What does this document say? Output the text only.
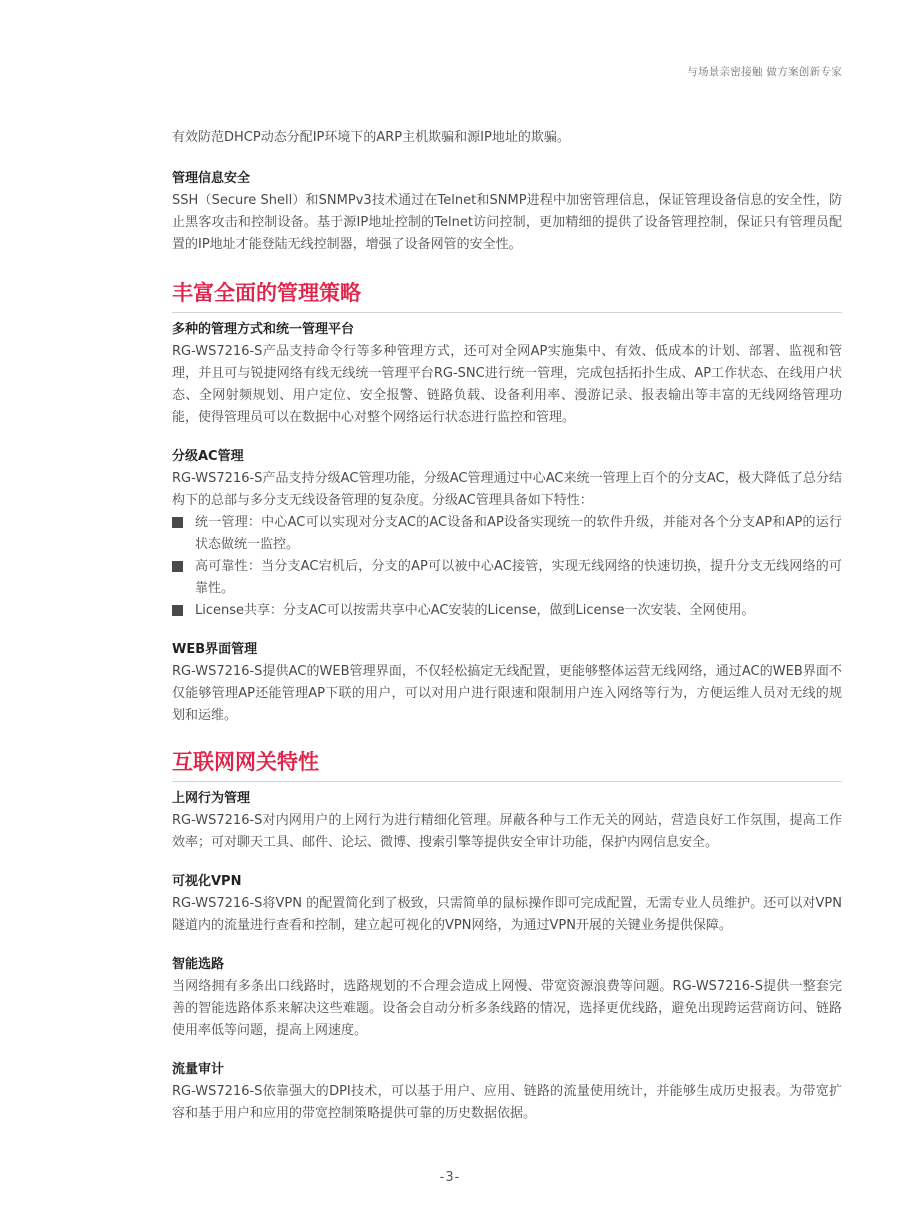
与场景亲密接触 做方案创新专家

有效防范DHCP动态分配IP环境下的ARP主机欺骗和源IP地址的欺骗。

管理信息安全

SSH（Secure Shell）和SNMPv3技术通过在Telnet和SNMP进程中加密管理信息，保证管理设备信息的安全性，防止黑客攻击和控制设备。基于源IP地址控制的Telnet访问控制，更加精细的提供了设备管理控制，保证只有管理员配置的IP地址才能登陆无线控制器，增强了设备网管的安全性。

丰富全面的管理策略

多种的管理方式和统一管理平台

RG-WS7216-S产品支持命令行等多种管理方式，还可对全网AP实施集中、有效、低成本的计划、部署、监视和管理，并且可与锐捷网络有线无线统一管理平台RG-SNC进行统一管理，完成包括拓扑生成、AP工作状态、在线用户状态、全网射频规划、用户定位、安全报警、链路负载、设备利用率、漫游记录、报表输出等丰富的无线网络管理功能，使得管理员可以在数据中心对整个网络运行状态进行监控和管理。

分级AC管理

RG-WS7216-S产品支持分级AC管理功能，分级AC管理通过中心AC来统一管理上百个的分支AC，极大降低了总分结构下的总部与多分支无线设备管理的复杂度。分级AC管理具备如下特性：

统一管理：中心AC可以实现对分支AC的AC设备和AP设备实现统一的软件升级，并能对各个分支AP和AP的运行状态做统一监控。
高可靠性：当分支AC宕机后，分支的AP可以被中心AC接管，实现无线网络的快速切换，提升分支无线网络的可靠性。
License共享：分支AC可以按需共享中心AC安装的License，做到License一次安装、全网使用。

WEB界面管理

RG-WS7216-S提供AC的WEB管理界面，不仅轻松搞定无线配置，更能够整体运营无线网络，通过AC的WEB界面不仅能够管理AP还能管理AP下联的用户，可以对用户进行限速和限制用户连入网络等行为，方便运维人员对无线的规划和运维。

互联网网关特性

上网行为管理

RG-WS7216-S对内网用户的上网行为进行精细化管理。屏蔽各种与工作无关的网站，营造良好工作氛围，提高工作效率；可对聊天工具、邮件、论坛、微博、搜索引擎等提供安全审计功能，保护内网信息安全。

可视化VPN

RG-WS7216-S将VPN 的配置简化到了极致，只需简单的鼠标操作即可完成配置，无需专业人员维护。还可以对VPN隧道内的流量进行查看和控制，建立起可视化的VPN网络，为通过VPN开展的关键业务提供保障。

智能选路

当网络拥有多条出口线路时，选路规划的不合理会造成上网慢、带宽资源浪费等问题。RG-WS7216-S提供一整套完善的智能选路体系来解决这些难题。设备会自动分析多条线路的情况，选择更优线路，避免出现跨运营商访问、链路使用率低等问题，提高上网速度。

流量审计

RG-WS7216-S依靠强大的DPI技术，可以基于用户、应用、链路的流量使用统计，并能够生成历史报表。为带宽扩容和基于用户和应用的带宽控制策略提供可靠的历史数据依据。

-3-
